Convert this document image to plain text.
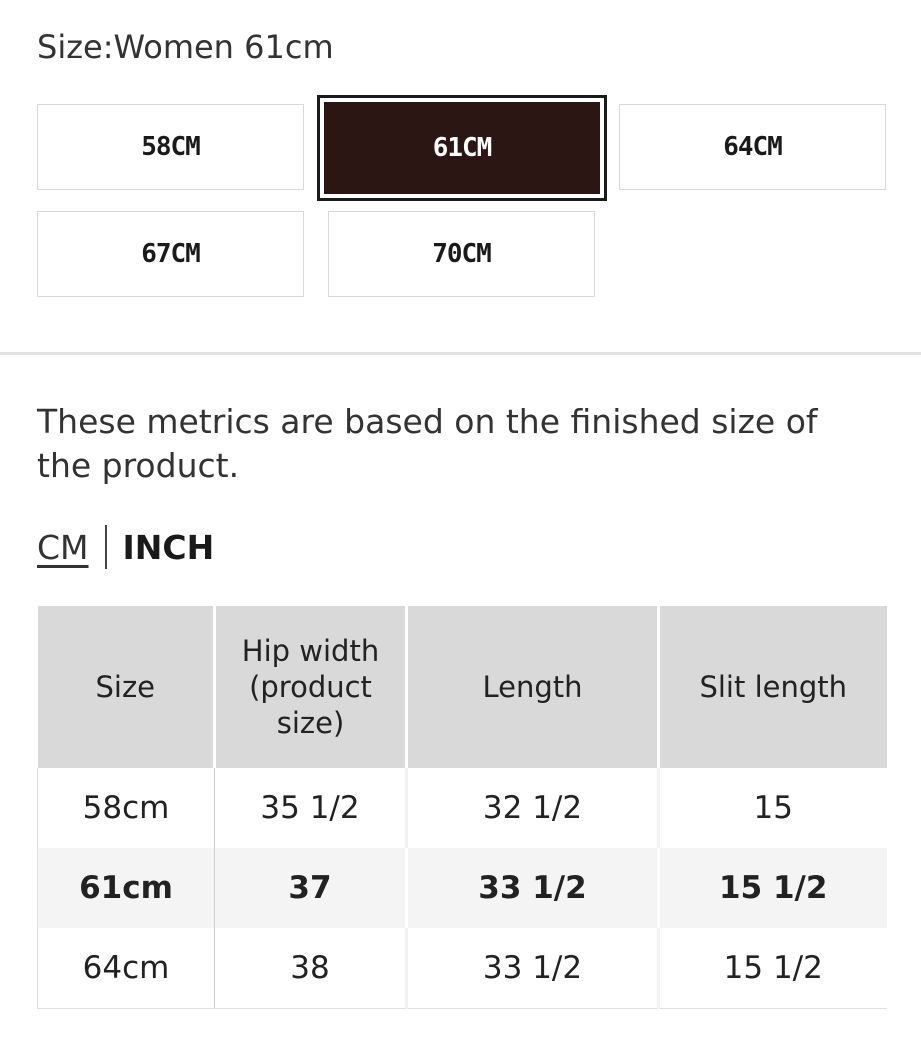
Size:Women 61cm
58CM	61CM	64CM
67CM	70CM
These metrics are based on the finished size of the product.
CM INCH
Size	Hip width (product size)	Length	Slit length
58cm	35 1/2	32 1/2	15
61cm	37	33 1/2	15 1/2
64cm	38	33 1/2	15 1/2
